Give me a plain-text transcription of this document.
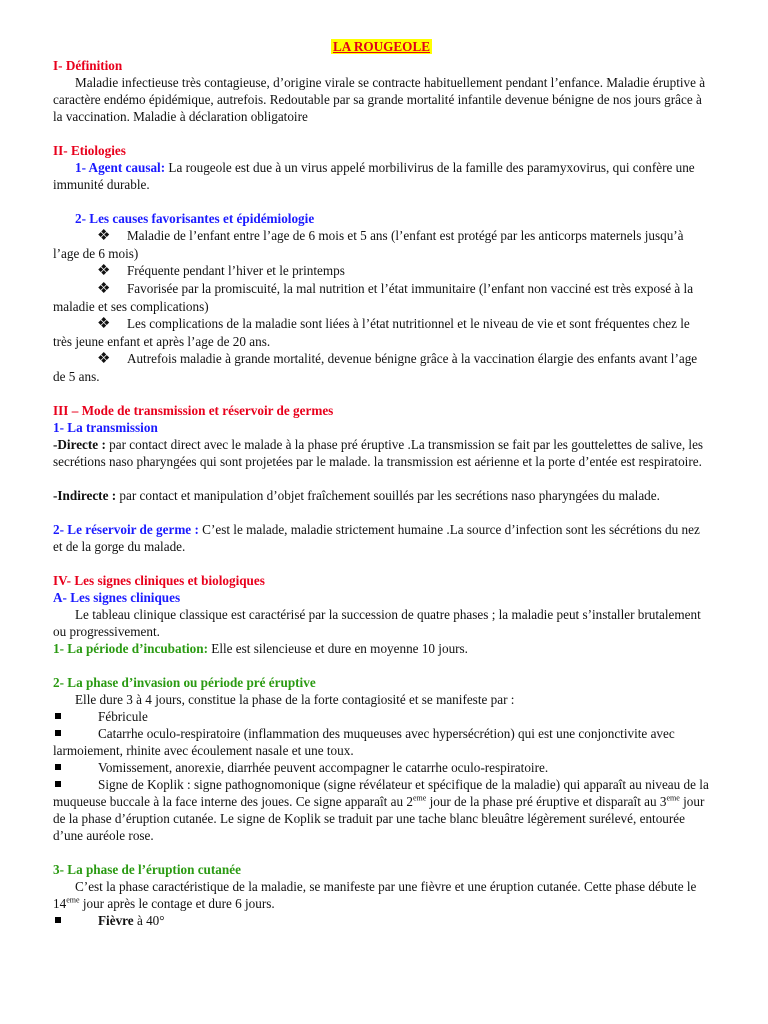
LA ROUGEOLE

I- Définition

Maladie infectieuse très contagieuse, d’origine virale se contracte habituellement pendant l’enfance. Maladie éruptive à caractère endémo épidémique, autrefois. Redoutable par sa grande mortalité infantile devenue bénigne de nos jours grâce à la vaccination. Maladie à déclaration obligatoire

II- Etiologies

1- Agent causal: La rougeole est due à un virus appelé morbilivirus de la famille des paramyxovirus, qui confère une immunité durable.

2- Les causes favorisantes et épidémiologie

❖ Maladie de l’enfant entre l’age de 6 mois et 5 ans (l’enfant est protégé par les anticorps maternels jusqu’à l’age de 6 mois)

❖ Fréquente pendant l’hiver et le printemps

❖ Favorisée par la promiscuité, la mal nutrition et l’état immunitaire (l’enfant non vacciné est très exposé à la maladie et ses complications)

❖ Les complications de la maladie sont liées à l’état nutritionnel et le niveau de vie et sont fréquentes chez le très jeune enfant et après l’age de 20 ans.

❖ Autrefois maladie à grande mortalité, devenue bénigne grâce à la vaccination élargie des enfants avant l’age de 5 ans.

III – Mode de transmission et réservoir de germes

1- La transmission

-Directe : par contact direct avec le malade à la phase pré éruptive .La transmission se fait par les gouttelettes de salive, les secrétions naso pharyngées qui sont projetées par le malade. la transmission est aérienne et la porte d’entée est respiratoire.

-Indirecte : par contact et manipulation d’objet fraîchement souillés par les secrétions naso pharyngées du malade.

2- Le réservoir de germe : C’est le malade, maladie strictement humaine .La source d’infection sont les sécrétions du nez et de la gorge du malade.

IV- Les signes cliniques et biologiques

A- Les signes cliniques

Le tableau clinique classique est caractérisé par la succession de quatre phases ; la maladie peut s’installer brutalement ou progressivement.

1- La période d’incubation: Elle est silencieuse et dure en moyenne 10 jours.

2- La phase d’invasion ou période pré éruptive

Elle dure 3 à 4 jours, constitue la phase de la forte contagiosité et se manifeste par :

Fébricule

Catarrhe oculo-respiratoire (inflammation des muqueuses avec hypersécrétion) qui est une conjonctivite avec larmoiement, rhinite avec écoulement nasale et une toux.

Vomissement, anorexie, diarrhée peuvent accompagner le catarrhe oculo-respiratoire.

Signe de Koplik : signe pathognomonique (signe révélateur et spécifique de la maladie) qui apparaît au niveau de la muqueuse buccale à la face interne des joues. Ce signe apparaît au 2eme jour de la phase pré éruptive et disparaît au 3eme jour de la phase d’éruption cutanée. Le signe de Koplik se traduit par une tache blanc bleuâtre légèrement surélevé, entourée d’une auréole rose.

3- La phase de l’éruption cutanée

C’est la phase caractéristique de la maladie, se manifeste par une fièvre et une éruption cutanée. Cette phase débute le 14eme jour après le contage et dure 6 jours.

Fièvre à 40°
